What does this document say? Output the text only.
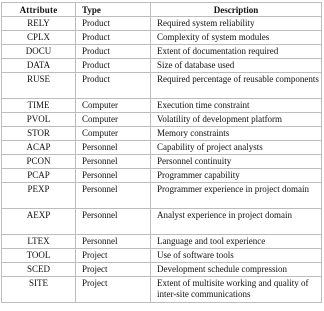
Attribute	Type	Description
RELY	Product	Required system reliability
CPLX	Product	Complexity of system modules
DOCU	Product	Extent of documentation required
DATA	Product	Size of database used
RUSE	Product	Required percentage of reusable components
TIME	Computer	Execution time constraint
PVOL	Computer	Volatility of development platform
STOR	Computer	Memory constraints
ACAP	Personnel	Capability of project analysts
PCON	Personnel	Personnel continuity
PCAP	Personnel	Programmer capability
PEXP	Personnel	Programmer experience in project domain
AEXP	Personnel	Analyst experience in project domain
LTEX	Personnel	Language and tool experience
TOOL	Project	Use of software tools
SCED	Project	Development schedule compression
SITE	Project	Extent of multisite working and quality of inter-site communications
